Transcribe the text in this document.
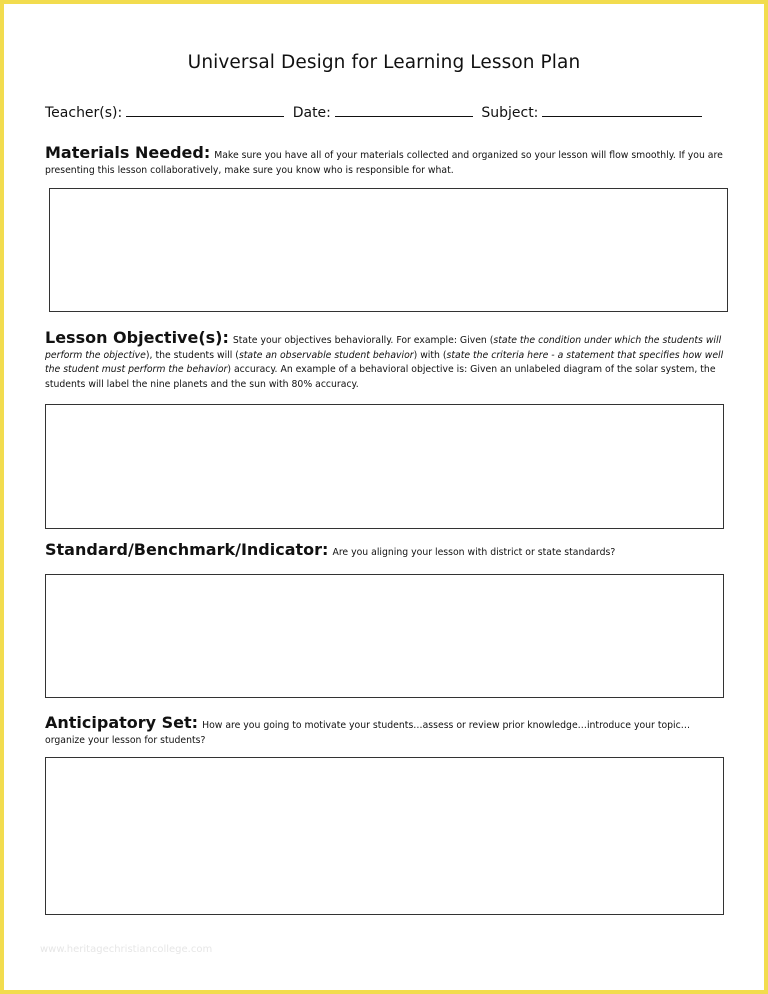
Universal Design for Learning Lesson Plan
Teacher(s):	Date:	Subject:
Materials Needed: Make sure you have all of your materials collected and organized so your lesson will flow smoothly. If you are presenting this lesson collaboratively, make sure you know who is responsible for what.
Lesson Objective(s): State your objectives behaviorally. For example: Given (state the condition under which the students will perform the objective), the students will (state an observable student behavior) with (state the criteria here - a statement that specifies how well the student must perform the behavior) accuracy. An example of a behavioral objective is: Given an unlabeled diagram of the solar system, the students will label the nine planets and the sun with 80% accuracy.
Standard/Benchmark/Indicator: Are you aligning your lesson with district or state standards?
Anticipatory Set: How are you going to motivate your students…assess or review prior knowledge…introduce your topic…organize your lesson for students?
www.heritagechristiancollege.com
